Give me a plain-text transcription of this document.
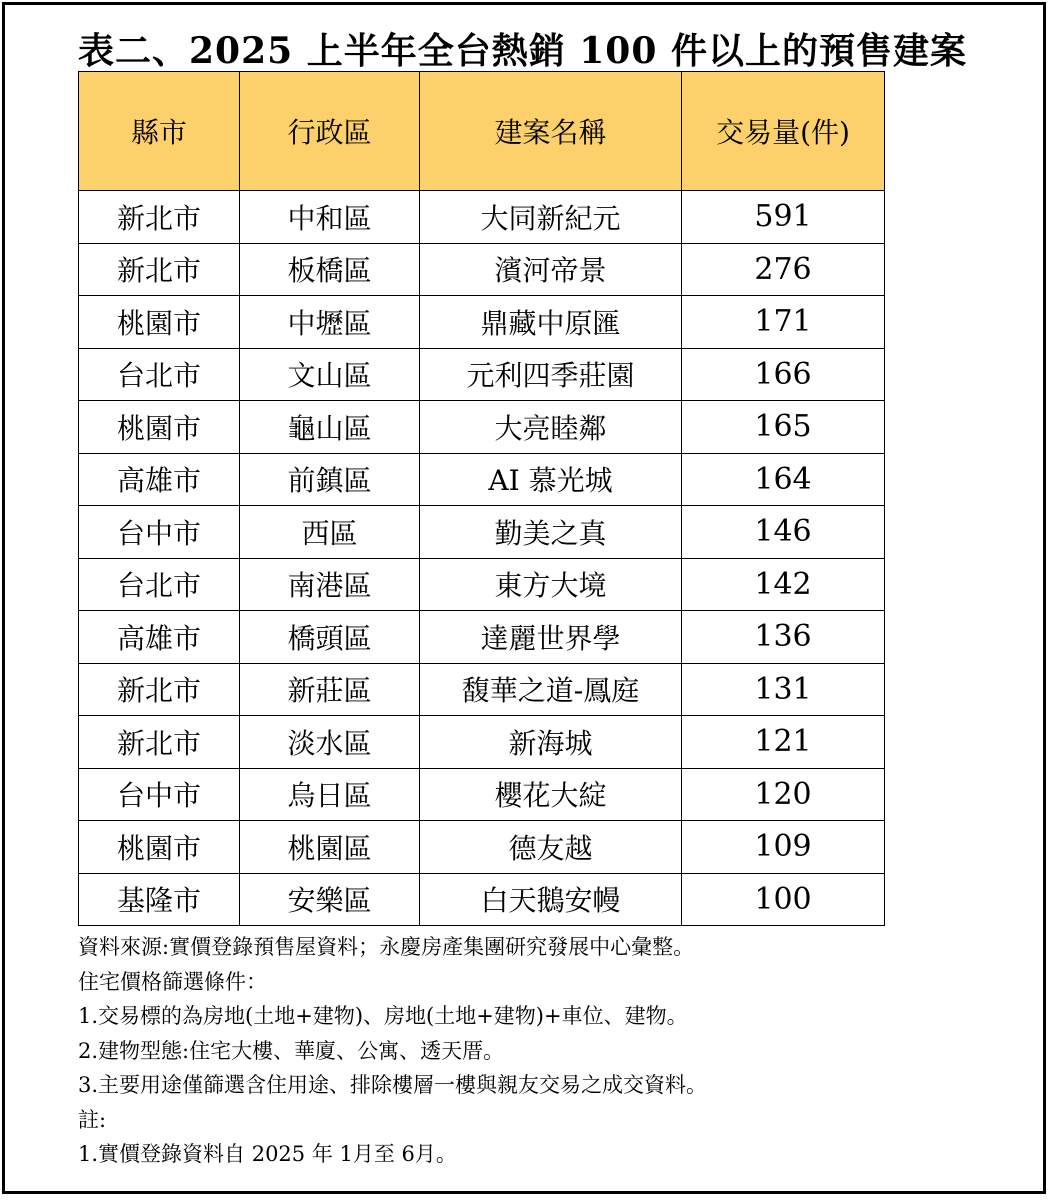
表二、2025 上半年全台熱銷 100 件以上的預售建案
縣市	行政區	建案名稱	交易量(件)
新北市	中和區	大同新紀元	591
新北市	板橋區	濱河帝景	276
桃園市	中壢區	鼎藏中原匯	171
台北市	文山區	元利四季莊園	166
桃園市	龜山區	大亮睦鄰	165
高雄市	前鎮區	AI 慕光城	164
台中市	西區	勤美之真	146
台北市	南港區	東方大境	142
高雄市	橋頭區	達麗世界學	136
新北市	新莊區	馥華之道-鳳庭	131
新北市	淡水區	新海城	121
台中市	烏日區	櫻花大綻	120
桃園市	桃園區	德友越	109
基隆市	安樂區	白天鵝安幔	100
資料來源:實價登錄預售屋資料；永慶房產集團研究發展中心彙整。
住宅價格篩選條件：
1.交易標的為房地(土地+建物)、房地(土地+建物)+車位、建物。
2.建物型態:住宅大樓、華廈、公寓、透天厝。
3.主要用途僅篩選含住用途、排除樓層一樓與親友交易之成交資料。
註:
1.實價登錄資料自 2025 年 1月至 6月。
